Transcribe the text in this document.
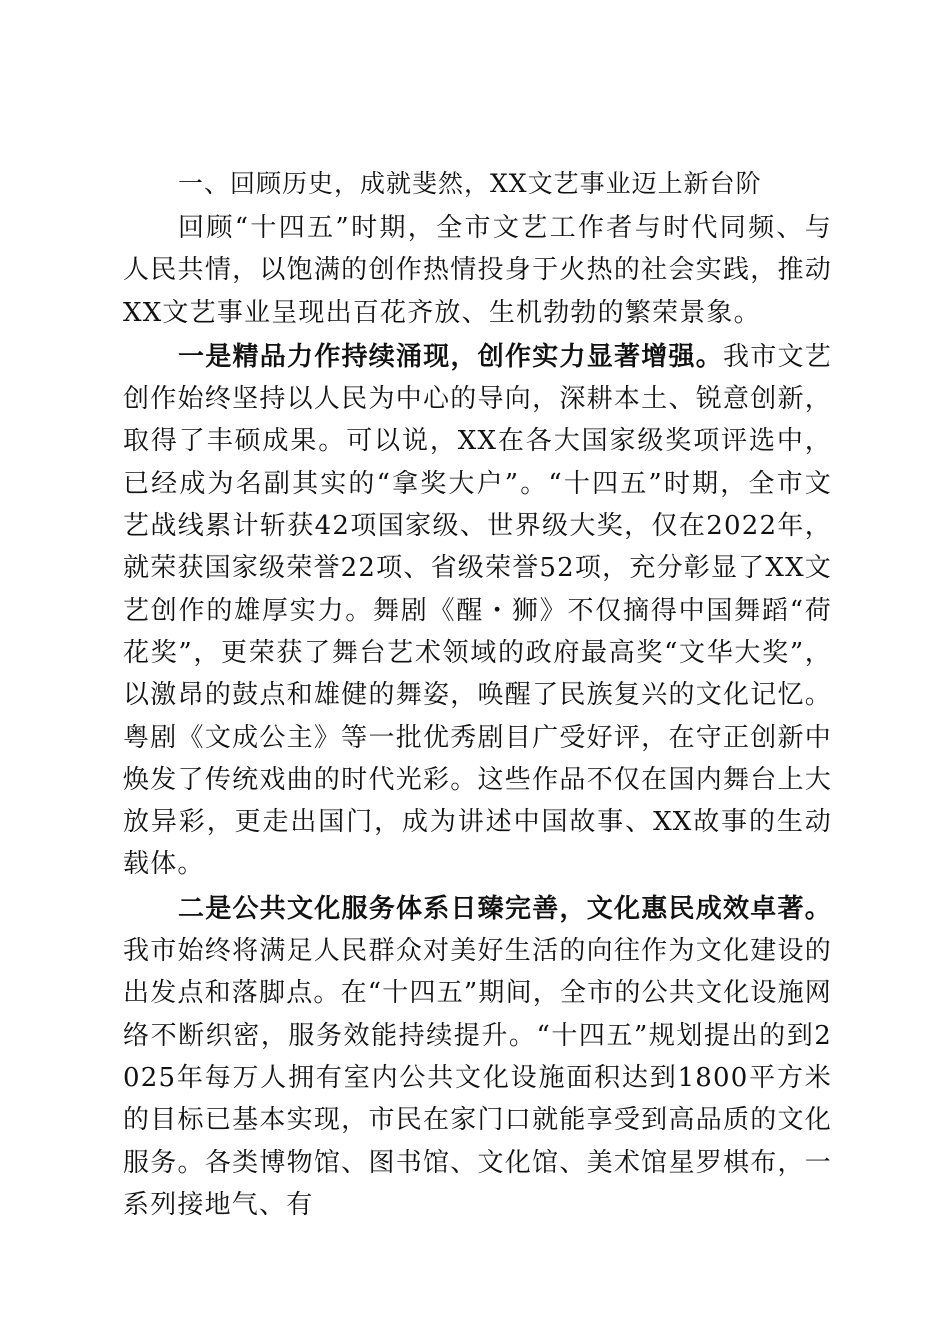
一、回顾历史，成就斐然，XX文艺事业迈上新台阶

回顾“十四五”时期，全市文艺工作者与时代同频、与人民共情，以饱满的创作热情投身于火热的社会实践，推动XX文艺事业呈现出百花齐放、生机勃勃的繁荣景象。

一是精品力作持续涌现，创作实力显著增强。我市文艺创作始终坚持以人民为中心的导向，深耕本土、锐意创新，取得了丰硕成果。可以说，XX在各大国家级奖项评选中，已经成为名副其实的“拿奖大户”。“十四五”时期，全市文艺战线累计斩获42项国家级、世界级大奖，仅在2022年，就荣获国家级荣誉22项、省级荣誉52项，充分彰显了XX文艺创作的雄厚实力。舞剧《醒・狮》不仅摘得中国舞蹈“荷花奖”，更荣获了舞台艺术领域的政府最高奖“文华大奖”，以激昂的鼓点和雄健的舞姿，唤醒了民族复兴的文化记忆。粤剧《文成公主》等一批优秀剧目广受好评，在守正创新中焕发了传统戏曲的时代光彩。这些作品不仅在国内舞台上大放异彩，更走出国门，成为讲述中国故事、XX故事的生动载体。

二是公共文化服务体系日臻完善，文化惠民成效卓著。我市始终将满足人民群众对美好生活的向往作为文化建设的出发点和落脚点。在“十四五”期间，全市的公共文化设施网络不断织密，服务效能持续提升。“十四五”规划提出的到2025年每万人拥有室内公共文化设施面积达到1800平方米的目标已基本实现，市民在家门口就能享受到高品质的文化服务。各类博物馆、图书馆、文化馆、美术馆星罗棋布，一系列接地气、有
